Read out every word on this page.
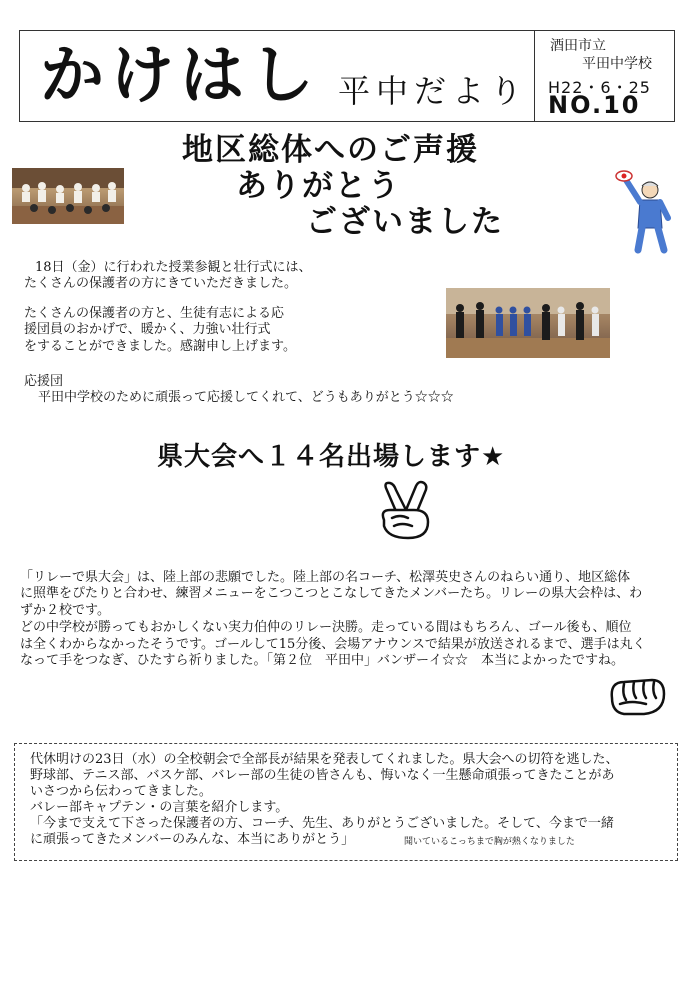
かけはし 平中だより
酒田市立
平田中学校
H22・6・25
NO.10
地区総体へのご声援
ありがとう
ございました
18日（金）に行われた授業参観と壮行式には、
たくさんの保護者の方にきていただきました。
たくさんの保護者の方と、生徒有志による応
援団員のおかげで、暖かく、力強い壮行式
をすることができました。感謝申し上げます。
応援団
平田中学校のために頑張って応援してくれて、どうもありがとう☆☆☆
県大会へ１４名出場します★
「リレーで県大会」は、陸上部の悲願でした。陸上部の名コーチ、松澤英史さんのねらい通り、地区総体
に照準をぴたりと合わせ、練習メニューをこつこつとこなしてきたメンバーたち。リレーの県大会枠は、わ
ずか２校です。
どの中学校が勝ってもおかしくない実力伯仲のリレー決勝。走っている間はもちろん、ゴール後も、順位
は全くわからなかったそうです。ゴールして15分後、会場アナウンスで結果が放送されるまで、選手は丸く
なって手をつなぎ、ひたすら祈りました。「第２位　平田中」バンザーイ☆☆　本当によかったですね。
代休明けの23日（水）の全校朝会で全部長が結果を発表してくれました。県大会への切符を逃した、
野球部、テニス部、バスケ部、バレー部の生徒の皆さんも、悔いなく一生懸命頑張ってきたことがあ
いさつから伝わってきました。
バレー部キャプテン・の言葉を紹介します。
「今まで支えて下さった保護者の方、コーチ、先生、ありがとうございました。そして、今まで一緒
に頑張ってきたメンバーのみんな、本当にありがとう」	聞いているこっちまで胸が熱くなりました
